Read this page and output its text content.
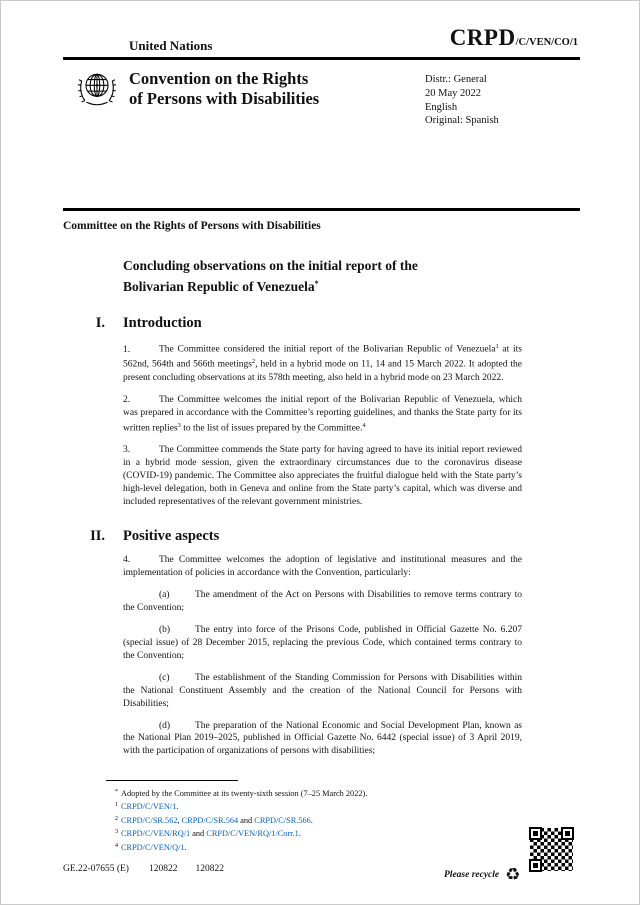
United Nations	CRPD/C/VEN/CO/1
Convention on the Rights
of Persons with Disabilities
Distr.: General
20 May 2022
English
Original: Spanish
Committee on the Rights of Persons with Disabilities
Concluding observations on the initial report of the
Bolivarian Republic of Venezuela*
I.	Introduction

1.	The Committee considered the initial report of the Bolivarian Republic of Venezuela$^1$ at its 562nd, 564th and 566th meetings$^2$, held in a hybrid mode on 11, 14 and 15 March 2022. It adopted the present concluding observations at its 578th meeting, also held in a hybrid mode on 23 March 2022.

2.	The Committee welcomes the initial report of the Bolivarian Republic of Venezuela, which was prepared in accordance with the Committee’s reporting guidelines, and thanks the State party for its written replies$^3$ to the list of issues prepared by the Committee.$^4$

3.	The Committee commends the State party for having agreed to have its initial report reviewed in a hybrid mode session, given the extraordinary circumstances due to the coronavirus disease (COVID-19) pandemic. The Committee also appreciates the fruitful dialogue held with the State party’s high-level delegation, both in Geneva and online from the State party’s capital, which was diverse and included representatives of the relevant government ministries.

II.	Positive aspects

4.	The Committee welcomes the adoption of legislative and institutional measures and the implementation of policies in accordance with the Convention, particularly:

(a)	The amendment of the Act on Persons with Disabilities to remove terms contrary to the Convention;

(b)	The entry into force of the Prisons Code, published in Official Gazette No. 6.207 (special issue) of 28 December 2015, replacing the previous Code, which contained terms contrary to the Convention;

(c)	The establishment of the Standing Commission for Persons with Disabilities within the National Constituent Assembly and the creation of the National Council for Persons with Disabilities;

(d)	The preparation of the National Economic and Social Development Plan, known as the National Plan 2019–2025, published in Official Gazette No. 6442 (special issue) of 3 April 2019, with the participation of organizations of persons with disabilities;

* Adopted by the Committee at its twenty-sixth session (7–25 March 2022).
1 CRPD/C/VEN/1.
2 CRPD/C/SR.562, CRPD/C/SR.564 and CRPD/C/SR.566.
3 CRPD/C/VEN/RQ/1 and CRPD/C/VEN/RQ/1/Corr.1.
4 CRPD/C/VEN/Q/1.
GE.22-07655 (E) 120822 120822
Please recycle ♻
